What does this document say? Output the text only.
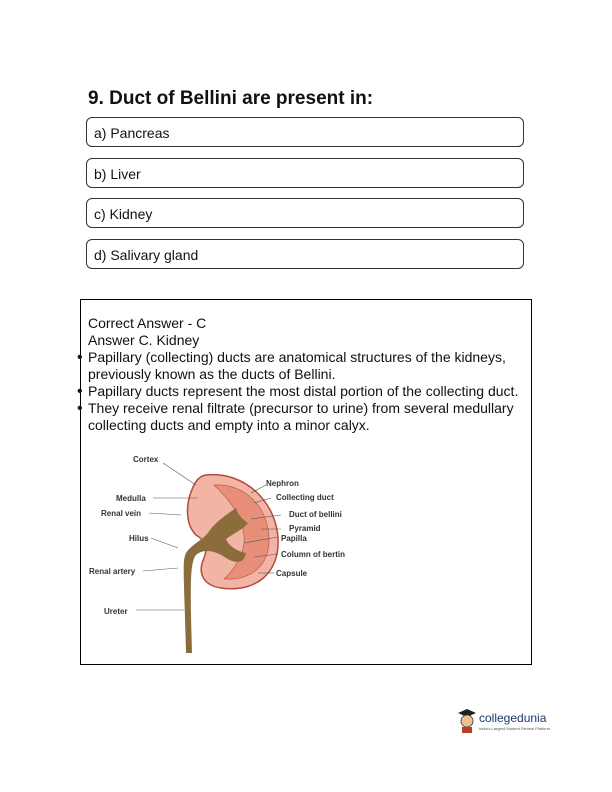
9. Duct of Bellini are present in:
a) Pancreas
b) Liver
c) Kidney
d) Salivary gland

Correct Answer - C

Answer C. Kidney

• Papillary (collecting) ducts are anatomical structures of the kidneys, previously known as the ducts of Bellini.
• Papillary ducts represent the most distal portion of the collecting duct.
• They receive renal filtrate (precursor to urine) from several medullary collecting ducts and empty into a minor calyx.
Cortex
Medulla
Renal vein
Hilus
Renal artery
Ureter
Nephron
Collecting duct
Duct of bellini
Pyramid
Papilla
Column of bertin
Capsule
collegedunia
India's Largest Student Review Platform
